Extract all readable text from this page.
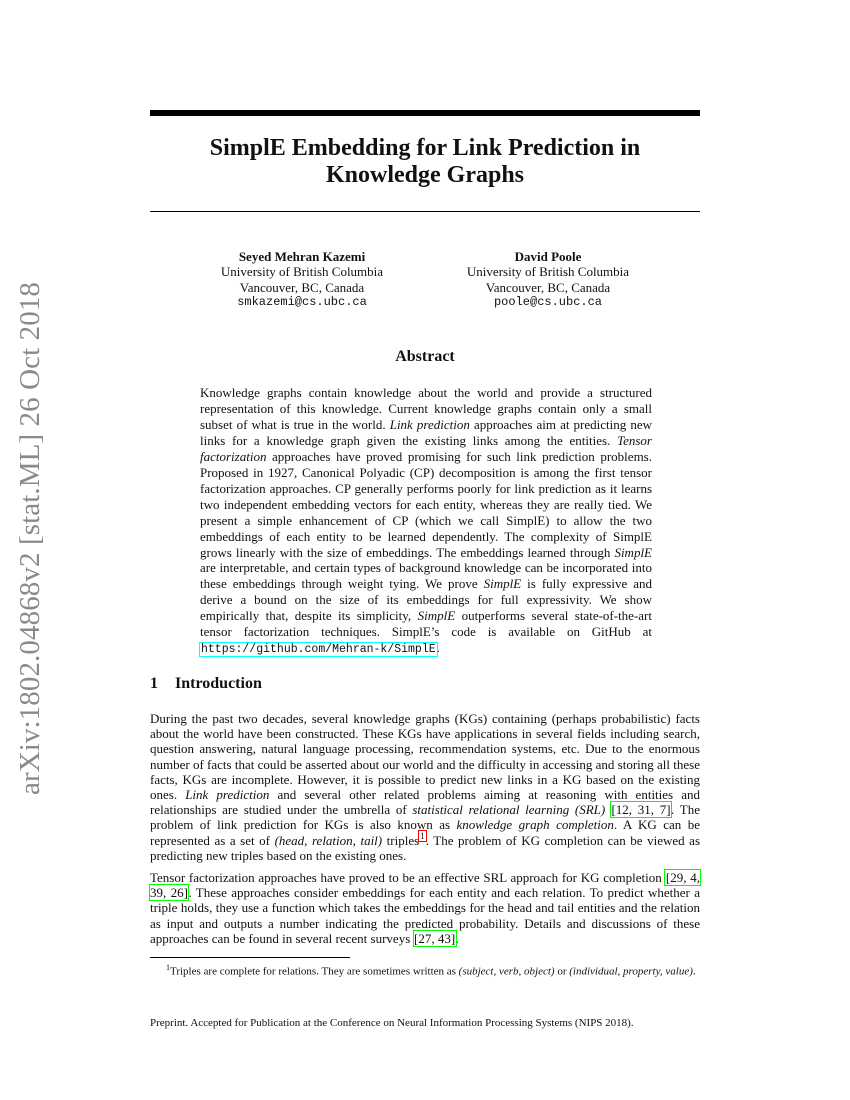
arXiv:1802.04868v2 [stat.ML] 26 Oct 2018
SimplE Embedding for Link Prediction in Knowledge Graphs
Seyed Mehran Kazemi
University of British Columbia
Vancouver, BC, Canada
smkazemi@cs.ubc.ca
David Poole
University of British Columbia
Vancouver, BC, Canada
poole@cs.ubc.ca
Abstract

Knowledge graphs contain knowledge about the world and provide a structured representation of this knowledge. Current knowledge graphs contain only a small subset of what is true in the world. Link prediction approaches aim at predicting new links for a knowledge graph given the existing links among the entities. Tensor factorization approaches have proved promising for such link prediction problems. Proposed in 1927, Canonical Polyadic (CP) decomposition is among the first tensor factorization approaches. CP generally performs poorly for link prediction as it learns two independent embedding vectors for each entity, whereas they are really tied. We present a simple enhancement of CP (which we call SimplE) to allow the two embeddings of each entity to be learned dependently. The complexity of SimplE grows linearly with the size of embeddings. The embeddings learned through SimplE are interpretable, and certain types of background knowledge can be incorporated into these embeddings through weight tying. We prove SimplE is fully expressive and derive a bound on the size of its embeddings for full expressivity. We show empirically that, despite its simplicity, SimplE outperforms several state-of-the-art tensor factorization techniques. SimplE’s code is available on GitHub at https://github.com/Mehran-k/SimplE.

1 Introduction

During the past two decades, several knowledge graphs (KGs) containing (perhaps probabilistic) facts about the world have been constructed. These KGs have applications in several fields including search, question answering, natural language processing, recommendation systems, etc. Due to the enormous number of facts that could be asserted about our world and the difficulty in accessing and storing all these facts, KGs are incomplete. However, it is possible to predict new links in a KG based on the existing ones. Link prediction and several other related problems aiming at reasoning with entities and relationships are studied under the umbrella of statistical relational learning (SRL) [12, 31, 7]. The problem of link prediction for KGs is also known as knowledge graph completion. A KG can be represented as a set of (head, relation, tail) triples$^1$. The problem of KG completion can be viewed as predicting new triples based on the existing ones.

Tensor factorization approaches have proved to be an effective SRL approach for KG completion [29, 4, 39, 26]. These approaches consider embeddings for each entity and each relation. To predict whether a triple holds, they use a function which takes the embeddings for the head and tail entities and the relation as input and outputs a number indicating the predicted probability. Details and discussions of these approaches can be found in several recent surveys [27, 43].

$^1$Triples are complete for relations. They are sometimes written as (subject, verb, object) or (individual, property, value).

Preprint. Accepted for Publication at the Conference on Neural Information Processing Systems (NIPS 2018).
